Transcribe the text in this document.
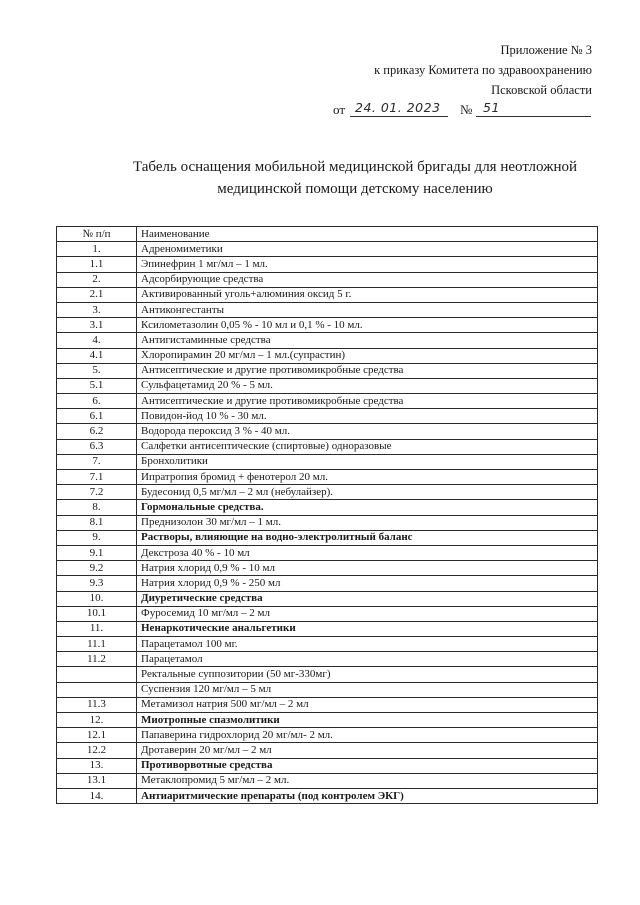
Приложение № 3
к приказу Комитета по здравоохранению
Псковской области
от 24. 01. 2023 № 51
Табель оснащения мобильной медицинской бригады для неотложной
медицинской помощи детскому населению
№ п/п	Наименование
1.	Адреномиметики
1.1	Эпинефрин 1 мг/мл – 1 мл.
2.	Адсорбирующие средства
2.1	Активированный уголь+алюминия оксид 5 г.
3.	Антиконгестанты
3.1	Ксилометазолин 0,05 % - 10 мл и 0,1 % - 10 мл.
4.	Антигистаминные средства
4.1	Хлоропирамин 20 мг/мл – 1 мл.(супрастин)
5.	Антисептические и другие противомикробные средства
5.1	Сульфацетамид 20 % - 5 мл.
6.	Антисептические и другие противомикробные средства
6.1	Повидон-йод 10 % - 30 мл.
6.2	Водорода пероксид 3 % - 40 мл.
6.3	Салфетки антисептические (спиртовые) одноразовые
7.	Бронхолитики
7.1	Ипратропия бромид + фенотерол 20 мл.
7.2	Будесонид 0,5 мг/мл – 2 мл (небулайзер).
8.	Гормональные средства.
8.1	Преднизолон 30 мг/мл – 1 мл.
9.	Растворы, влияющие на водно-электролитный баланс
9.1	Декстроза 40 % - 10 мл
9.2	Натрия хлорид 0,9 % - 10 мл
9.3	Натрия хлорид 0,9 % - 250 мл
10.	Диуретические средства
10.1	Фуросемид 10 мг/мл – 2 мл
11.	Ненаркотические анальгетики
11.1	Парацетамол 100 мг.
11.2	Парацетамол
	Ректальные суппозитории (50 мг-330мг)
	Суспензия 120 мг/мл – 5 мл
11.3	Метамизол натрия 500 мг/мл – 2 мл
12.	Миотропные спазмолитики
12.1	Папаверина гидрохлорид 20 мг/мл- 2 мл.
12.2	Дротаверин 20 мг/мл – 2 мл
13.	Противорвотные средства
13.1	Метаклопромид 5 мг/мл – 2 мл.
14.	Антиаритмические препараты (под контролем ЭКГ)
